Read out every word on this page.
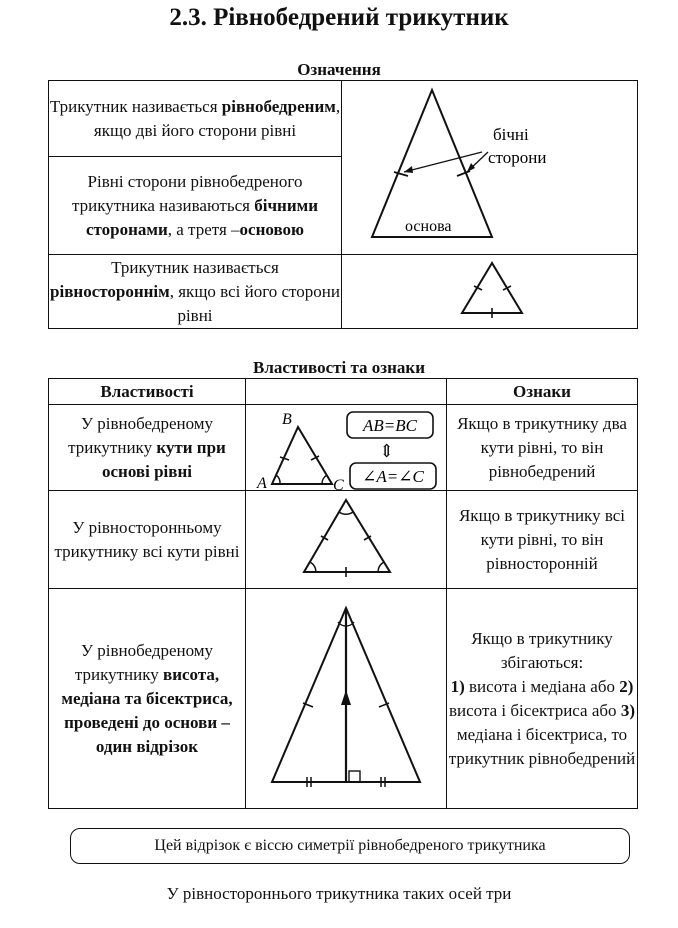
2.3. Рівнобедрений трикутник
Означення
Трикутник називається рівнобедреним, якщо дві його сторони рівні	
Рівні сторони рівнобедреного трикутника називаються бічними сторонами, а третя –основою	
Трикутник називається рівностороннім, якщо всі його сторони рівні	
бічні
сторони
основа
Властивості та ознаки
Властивості		Ознаки
У рівнобедреному трикутнику кути при основі рівні		Якщо в трикутнику два кути рівні, то він рівнобедрений
У рівносторонньому трикутнику всі кути рівні		Якщо в трикутнику всі кути рівні, то він рівносторонній
У рівнобедреному трикутнику висота, медіана та бісектриса, проведені до основи – один відрізок		Якщо в трикутнику збігаються:
1) висота і медіана або 2) висота і бісектриса або 3) медіана і бісектриса, то трикутник рівнобедрений
B
A	C
AB=BC
⇕
∠A=∠C
Цей відрізок є віссю симетрії рівнобедреного трикутника
У рівностороннього трикутника таких осей три
